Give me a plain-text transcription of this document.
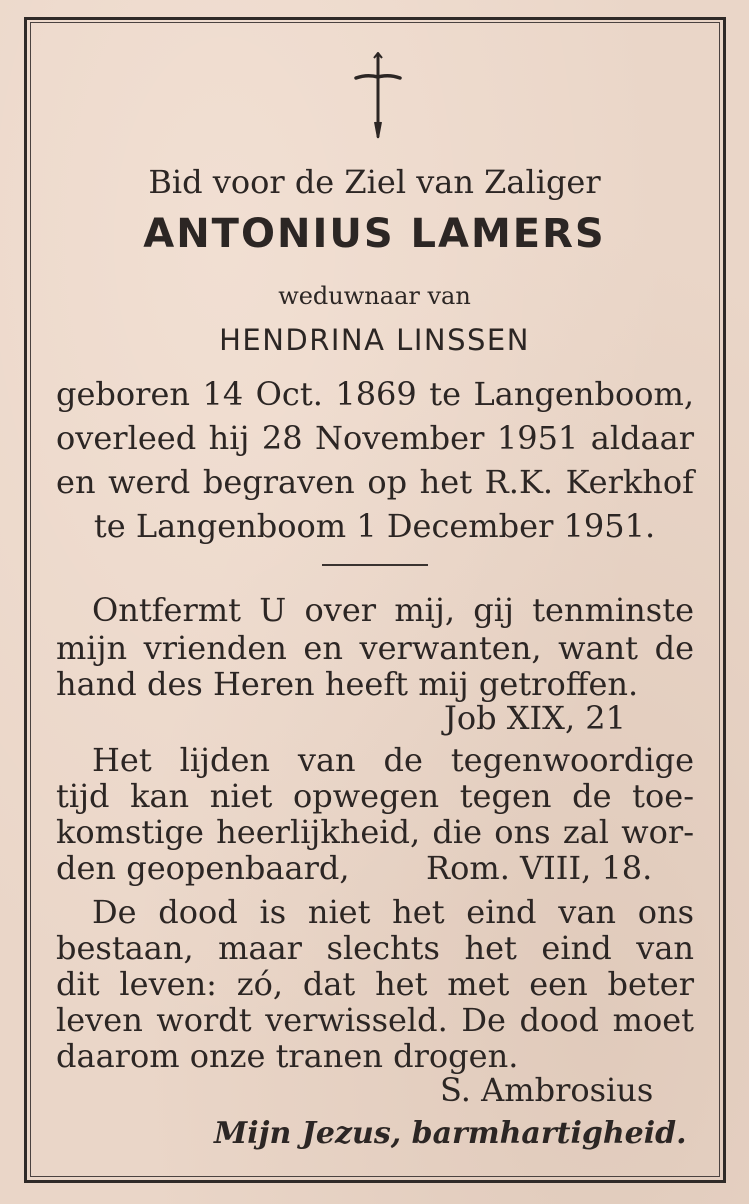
Bid voor de Ziel van Zaliger
ANTONIUS LAMERS
weduwnaar van
HENDRINA LINSSEN
geboren 14 Oct. 1869 te Langenboom,
overleed hij 28 November 1951 aldaar
en werd begraven op het R.K. Kerkhof
te Langenboom 1 December 1951.
Ontfermt U over mij, gij tenminste
mijn vrienden en verwanten, want de
hand des Heren heeft mij getroffen.
Job XIX, 21
Het lijden van de tegenwoordige
tijd kan niet opwegen tegen de toe-
komstige heerlijkheid, die ons zal wor-
den geopenbaard, Rom. VIII, 18.
De dood is niet het eind van ons
bestaan, maar slechts het eind van
dit leven: zó, dat het met een beter
leven wordt verwisseld. De dood moet
daarom onze tranen drogen.
S. Ambrosius
Mijn Jezus, barmhartigheid.
